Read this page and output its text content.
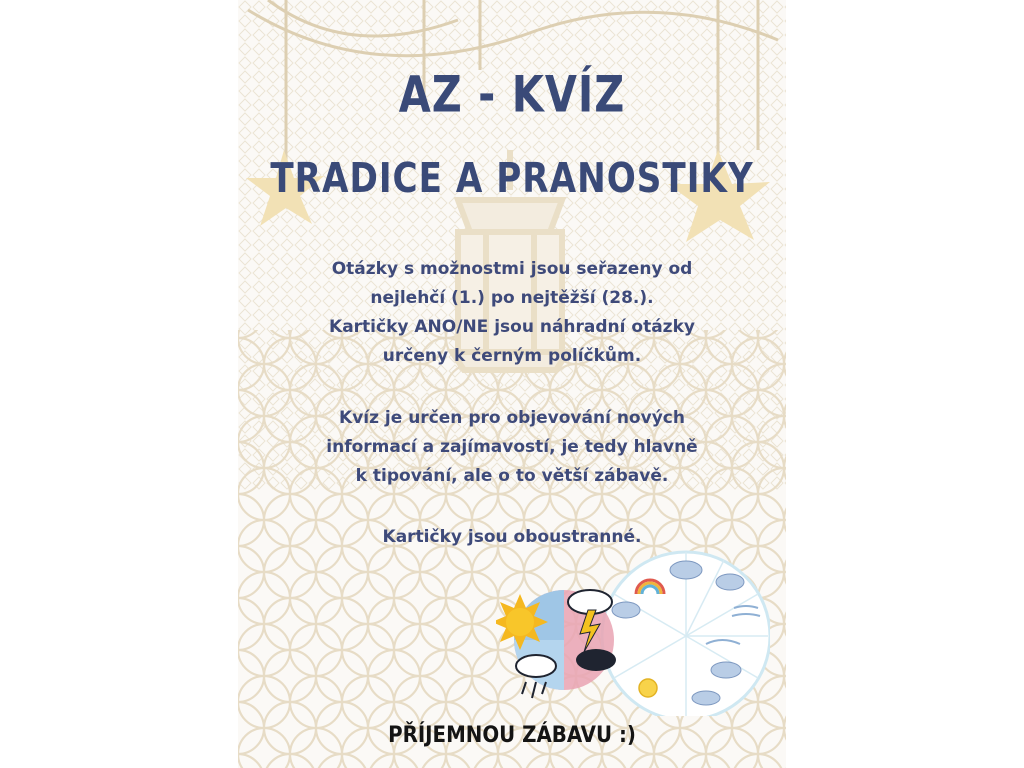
AZ - KVÍZ
TRADICE A PRANOSTIKY
Otázky s možnostmi jsou seřazeny od
nejlehčí (1.) po nejtěžší (28.).
Kartičky ANO/NE jsou náhradní otázky
určeny k černým políčkům.
Kvíz je určen pro objevování nových
informací a zajímavostí, je tedy hlavně
k tipování, ale o to větší zábavě.
Kartičky jsou oboustranné.
PŘÍJEMNOU ZÁBAVU :)
